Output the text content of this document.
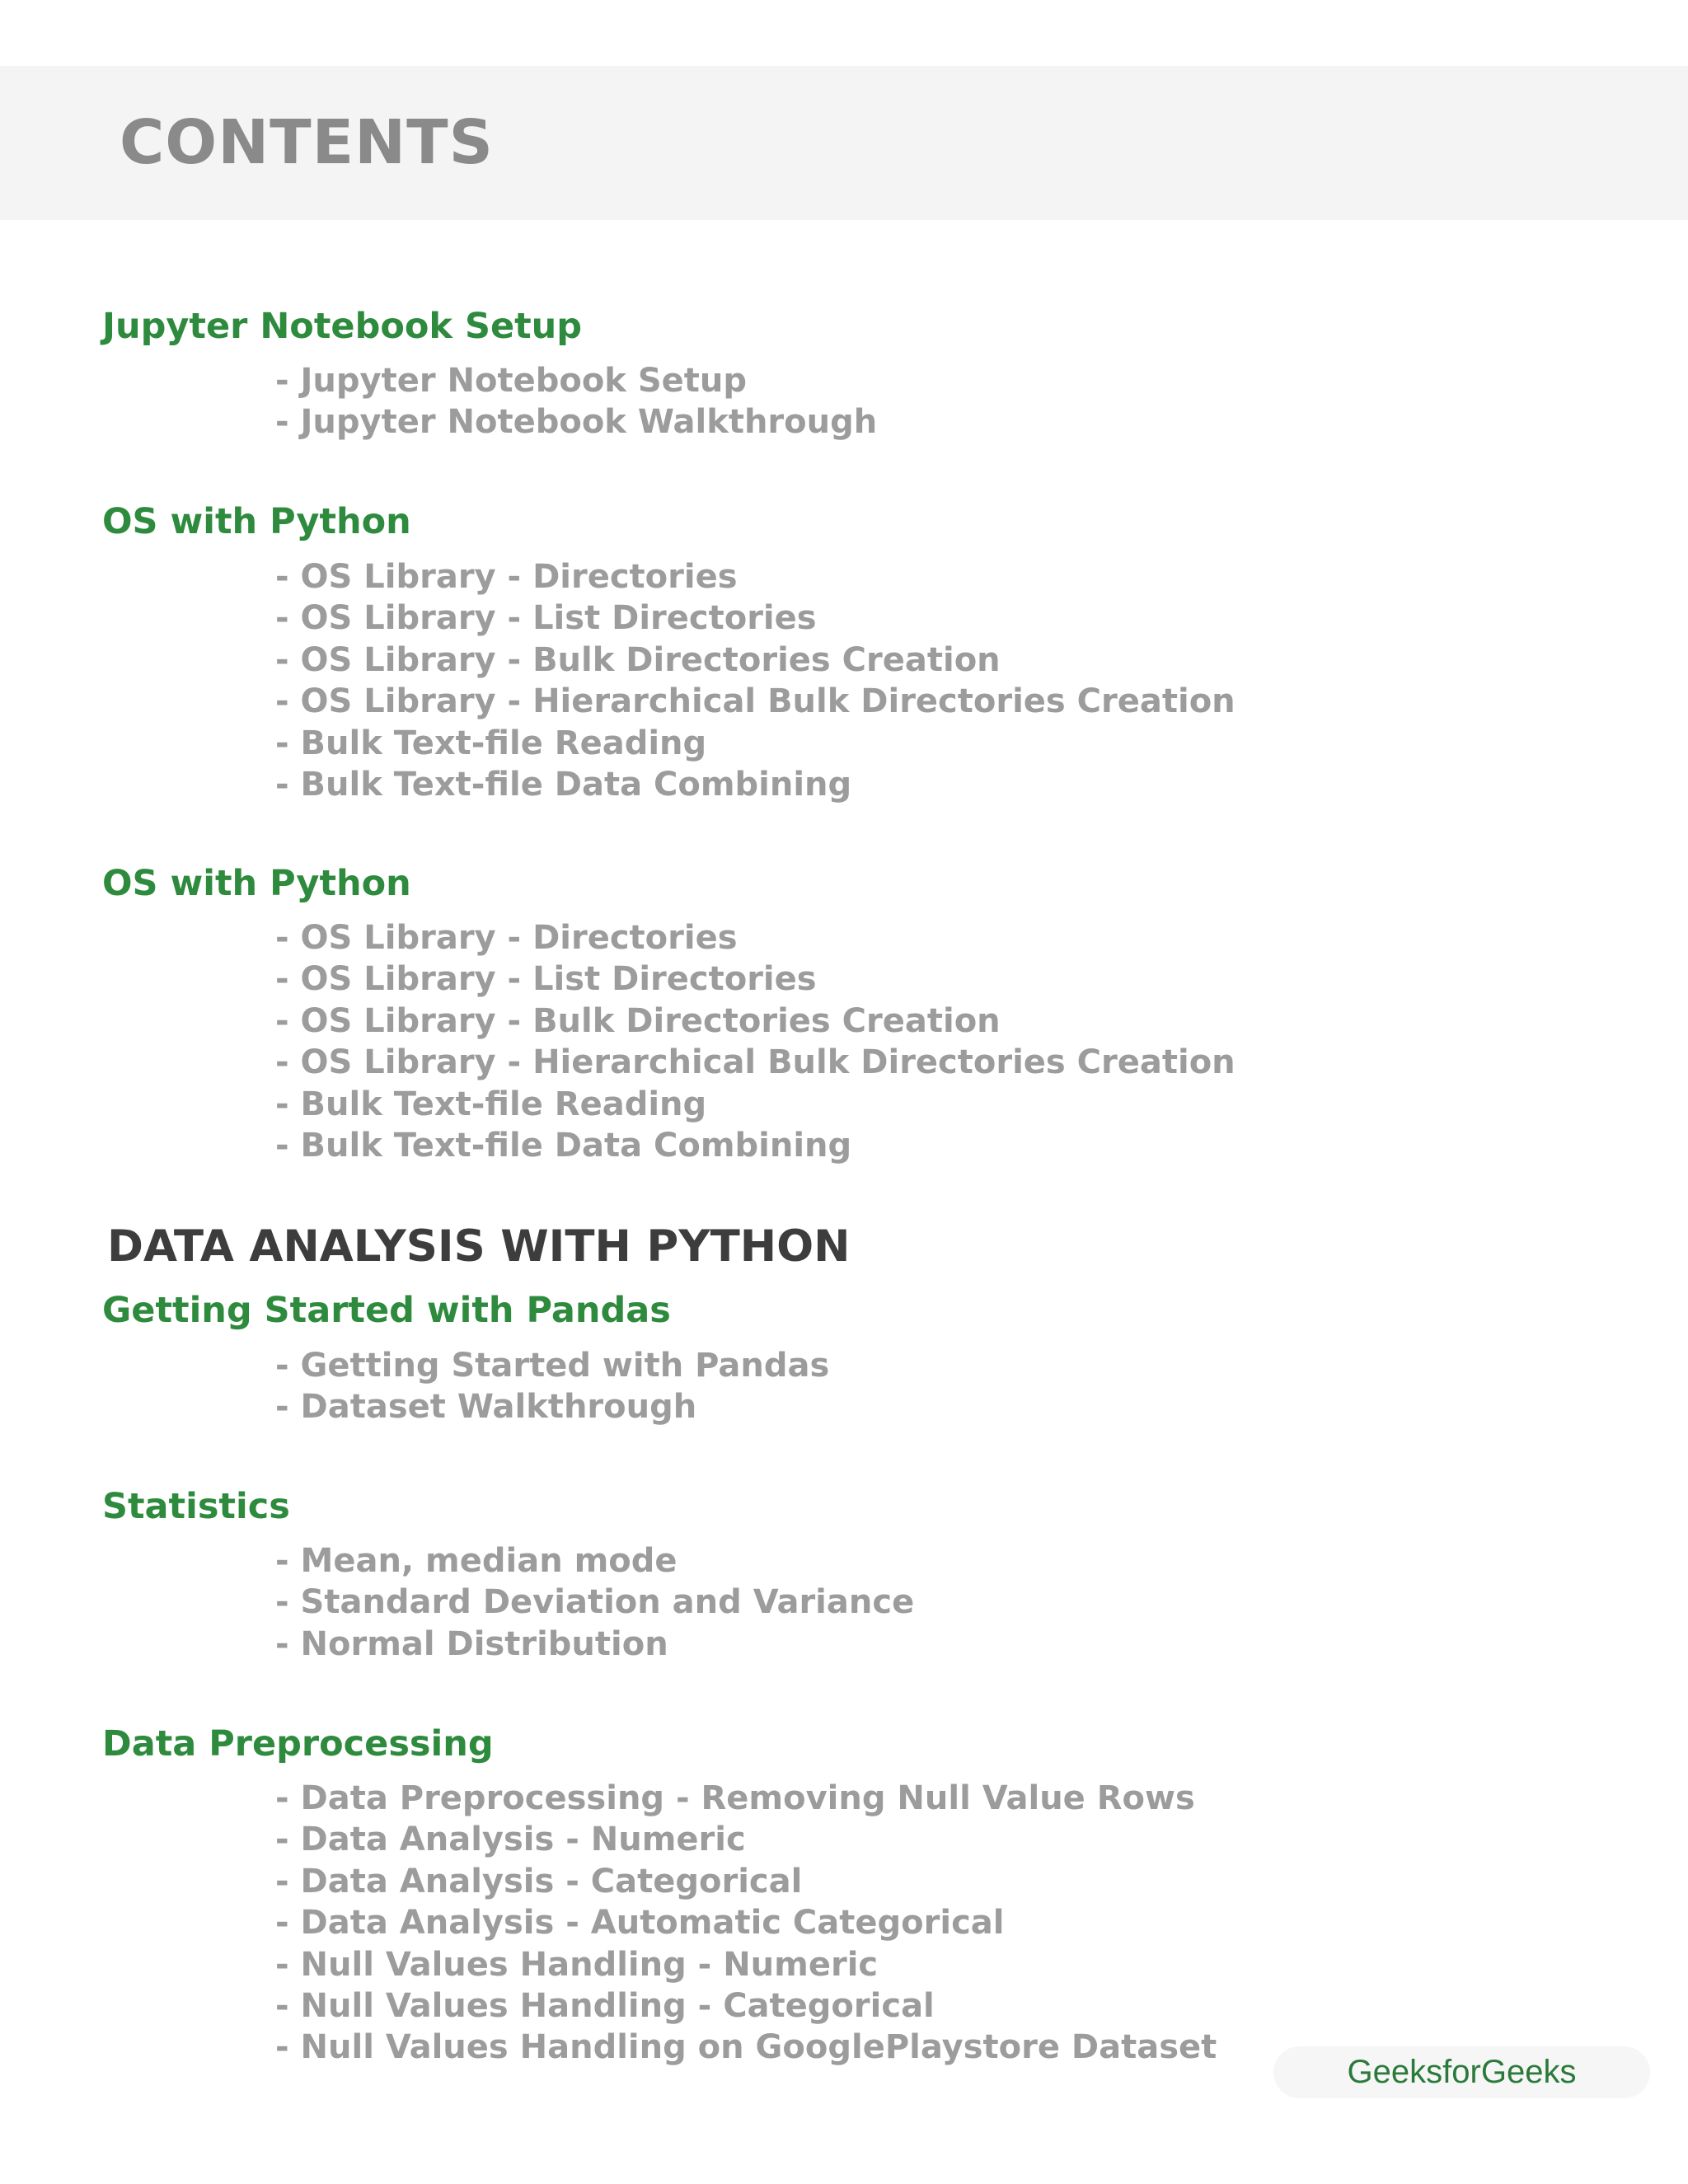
CONTENTS
Jupyter Notebook Setup
- Jupyter Notebook Setup
- Jupyter Notebook Walkthrough
OS with Python
- OS Library - Directories
- OS Library - List Directories
- OS Library - Bulk Directories Creation
- OS Library - Hierarchical Bulk Directories Creation
- Bulk Text-file Reading
- Bulk Text-file Data Combining
OS with Python
- OS Library - Directories
- OS Library - List Directories
- OS Library - Bulk Directories Creation
- OS Library - Hierarchical Bulk Directories Creation
- Bulk Text-file Reading
- Bulk Text-file Data Combining
DATA ANALYSIS WITH PYTHON
Getting Started with Pandas
- Getting Started with Pandas
- Dataset Walkthrough
Statistics
- Mean, median mode
- Standard Deviation and Variance
- Normal Distribution
Data Preprocessing
- Data Preprocessing - Removing Null Value Rows
- Data Analysis - Numeric
- Data Analysis - Categorical
- Data Analysis - Automatic Categorical
- Null Values Handling - Numeric
- Null Values Handling - Categorical
- Null Values Handling on GooglePlaystore Dataset

GeeksforGeeks
